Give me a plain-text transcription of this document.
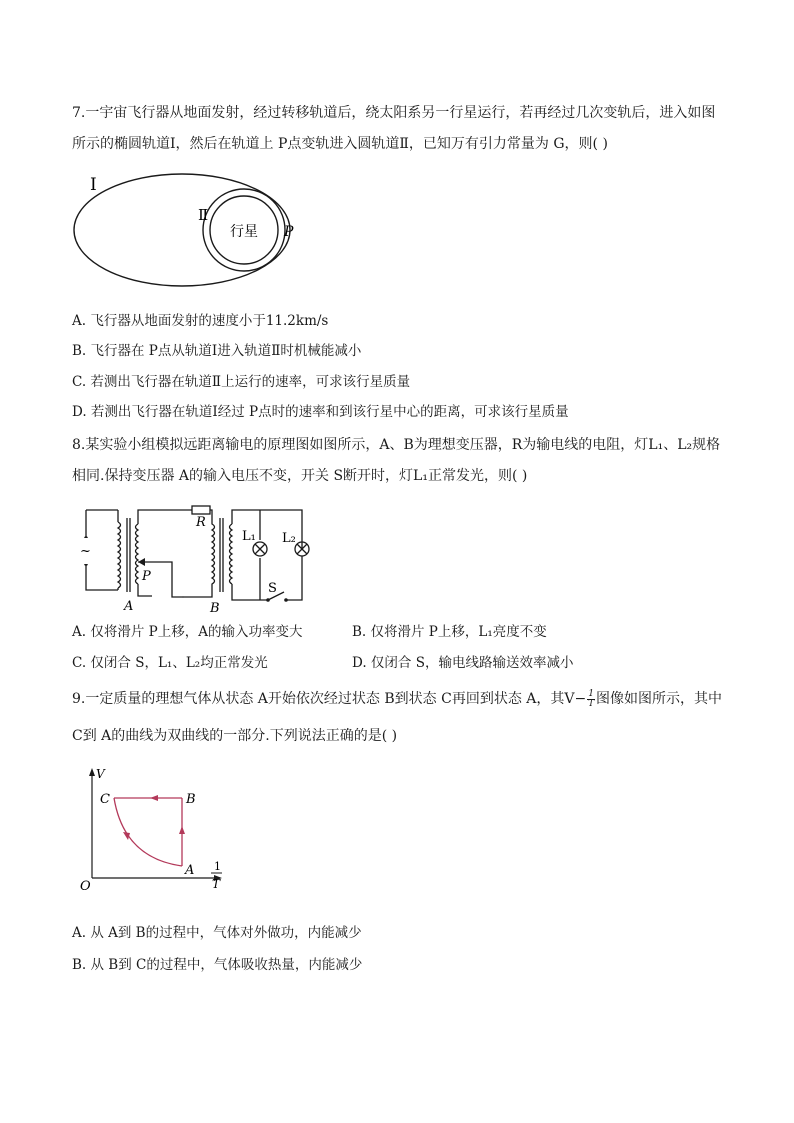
7.一宇宙飞行器从地面发射，经过转移轨道后，绕太阳系另一行星运行，若再经过几次变轨后，进入如图
所示的椭圆轨道Ⅰ，然后在轨道上 P点变轨进入圆轨道Ⅱ，已知万有引力常量为 G，则( )
Ⅰ
Ⅱ
行星 P
A. 飞行器从地面发射的速度小于11.2km/s
B. 飞行器在 P点从轨道Ⅰ进入轨道Ⅱ时机械能减小
C. 若测出飞行器在轨道Ⅱ上运行的速率，可求该行星质量
D. 若测出飞行器在轨道Ⅰ经过 P点时的速率和到该行星中心的距离，可求该行星质量
8.某实验小组模拟远距离输电的原理图如图所示，A、B为理想变压器，R为输电线的电阻，灯L₁、L₂规格
相同.保持变压器 A的输入电压不变，开关 S断开时，灯L₁正常发光，则( )
~
R
P
A	B
L₁ L₂
S
A. 仅将滑片 P上移，A的输入功率变大	B. 仅将滑片 P上移，L₁亮度不变
C. 仅闭合 S，L₁、L₂均正常发光	D. 仅闭合 S，输电线路输送效率减小
9.一定质量的理想气体从状态 A开始依次经过状态 B到状态 C再回到状态 A，其$V- \frac{1}{T}$ 图像如图所示，其中
C到 A的曲线为双曲线的一部分.下列说法正确的是( )
V
C	B
A
O
1
T
A. 从 A到 B的过程中，气体对外做功，内能减少
B. 从 B到 C的过程中，气体吸收热量，内能减少
